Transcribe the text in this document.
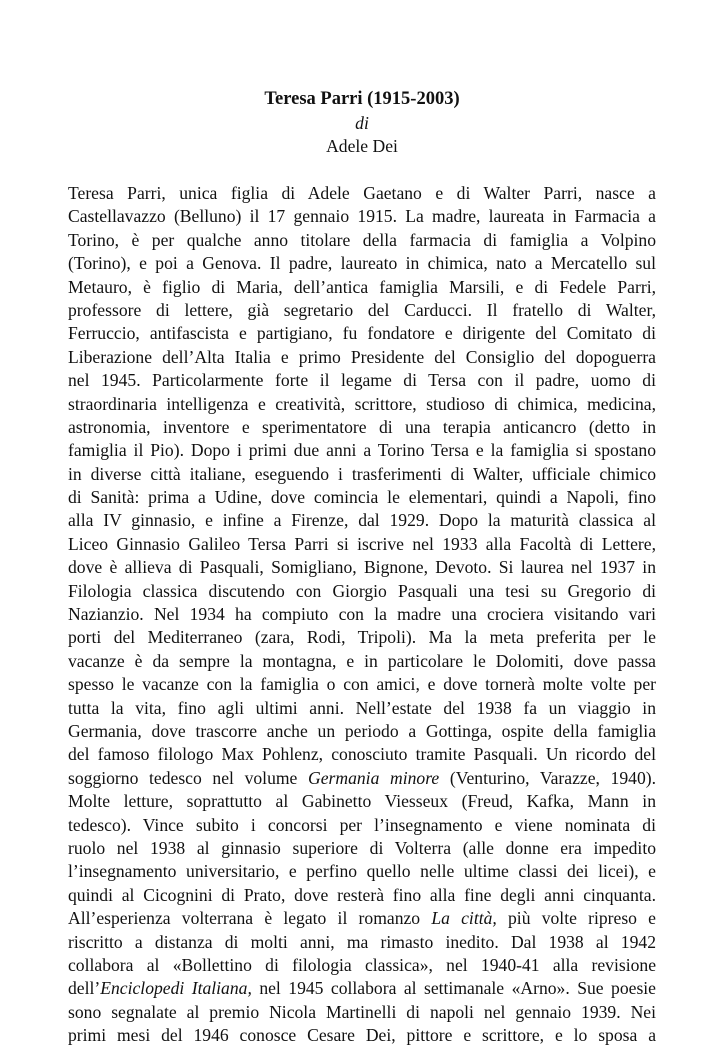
Teresa Parri (1915-2003)
di
Adele Dei
Teresa Parri, unica figlia di Adele Gaetano e di Walter Parri, nasce a
Castellavazzo (Belluno) il 17 gennaio 1915. La madre, laureata in Farmacia a
Torino, è per qualche anno titolare della farmacia di famiglia a Volpino
(Torino), e poi a Genova. Il padre, laureato in chimica, nato a Mercatello sul
Metauro, è figlio di Maria, dell’antica famiglia Marsili, e di Fedele Parri,
professore di lettere, già segretario del Carducci. Il fratello di Walter,
Ferruccio, antifascista e partigiano, fu fondatore e dirigente del Comitato di
Liberazione dell’Alta Italia e primo Presidente del Consiglio del dopoguerra
nel 1945. Particolarmente forte il legame di Tersa con il padre, uomo di
straordinaria intelligenza e creatività, scrittore, studioso di chimica, medicina,
astronomia, inventore e sperimentatore di una terapia anticancro (detto in
famiglia il Pio). Dopo i primi due anni a Torino Tersa e la famiglia si spostano
in diverse città italiane, eseguendo i trasferimenti di Walter, ufficiale chimico
di Sanità: prima a Udine, dove comincia le elementari, quindi a Napoli, fino
alla IV ginnasio, e infine a Firenze, dal 1929. Dopo la maturità classica al
Liceo Ginnasio Galileo Tersa Parri si iscrive nel 1933 alla Facoltà di Lettere,
dove è allieva di Pasquali, Somigliano, Bignone, Devoto. Si laurea nel 1937 in
Filologia classica discutendo con Giorgio Pasquali una tesi su Gregorio di
Nazianzio. Nel 1934 ha compiuto con la madre una crociera visitando vari
porti del Mediterraneo (zara, Rodi, Tripoli). Ma la meta preferita per le
vacanze è da sempre la montagna, e in particolare le Dolomiti, dove passa
spesso le vacanze con la famiglia o con amici, e dove tornerà molte volte per
tutta la vita, fino agli ultimi anni. Nell’estate del 1938 fa un viaggio in
Germania, dove trascorre anche un periodo a Gottinga, ospite della famiglia
del famoso filologo Max Pohlenz, conosciuto tramite Pasquali. Un ricordo del
soggiorno tedesco nel volume Germania minore (Venturino, Varazze, 1940).
Molte letture, soprattutto al Gabinetto Viesseux (Freud, Kafka, Mann in
tedesco). Vince subito i concorsi per l’insegnamento e viene nominata di
ruolo nel 1938 al ginnasio superiore di Volterra (alle donne era impedito
l’insegnamento universitario, e perfino quello nelle ultime classi dei licei), e
quindi al Cicognini di Prato, dove resterà fino alla fine degli anni cinquanta.
All’esperienza volterrana è legato il romanzo La città, più volte ripreso e
riscritto a distanza di molti anni, ma rimasto inedito. Dal 1938 al 1942
collabora al «Bollettino di filologia classica», nel 1940-41 alla revisione
dell’Enciclopedi Italiana, nel 1945 collabora al settimanale «Arno». Sue poesie
sono segnalate al premio Nicola Martinelli di napoli nel gennaio 1939. Nei
primi mesi del 1946 conosce Cesare Dei, pittore e scrittore, e lo sposa a
